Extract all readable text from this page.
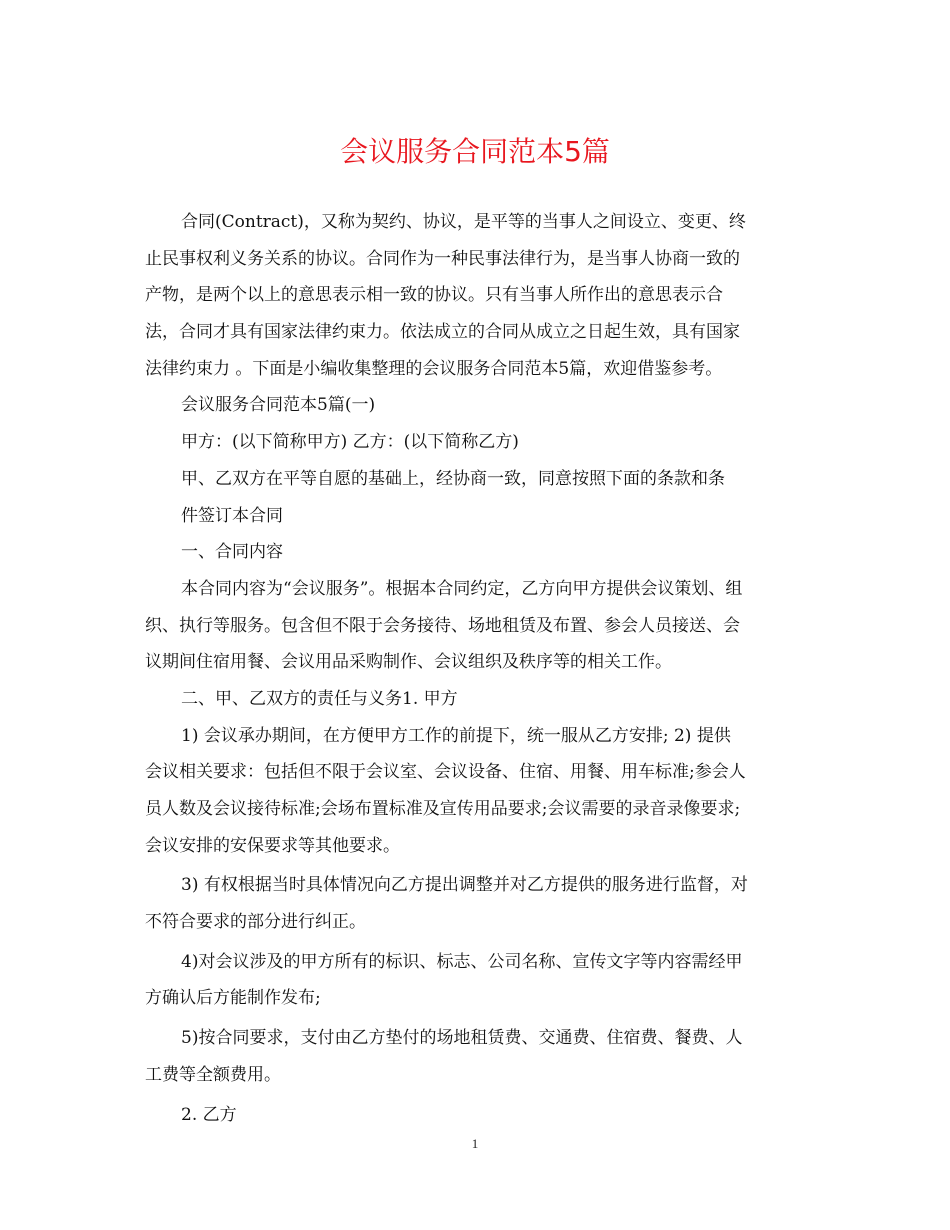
会议服务合同范本5篇
合同(Contract)，又称为契约、协议，是平等的当事人之间设立、变更、终
止民事权利义务关系的协议。合同作为一种民事法律行为，是当事人协商一致的
产物，是两个以上的意思表示相一致的协议。只有当事人所作出的意思表示合
法，合同才具有国家法律约束力。依法成立的合同从成立之日起生效，具有国家
法律约束力 。下面是小编收集整理的会议服务合同范本5篇，欢迎借鉴参考。
会议服务合同范本5篇(一)
甲方：(以下简称甲方) 乙方：(以下简称乙方)
甲、乙双方在平等自愿的基础上，经协商一致，同意按照下面的条款和条
件签订本合同
一、合同内容
本合同内容为“会议服务”。根据本合同约定，乙方向甲方提供会议策划、组
织、执行等服务。包含但不限于会务接待、场地租赁及布置、参会人员接送、会
议期间住宿用餐、会议用品采购制作、会议组织及秩序等的相关工作。
二、甲、乙双方的责任与义务1. 甲方
1) 会议承办期间，在方便甲方工作的前提下，统一服从乙方安排; 2) 提供
会议相关要求：包括但不限于会议室、会议设备、住宿、用餐、用车标准;参会人
员人数及会议接待标准;会场布置标准及宣传用品要求;会议需要的录音录像要求;
会议安排的安保要求等其他要求。
3) 有权根据当时具体情况向乙方提出调整并对乙方提供的服务进行监督，对
不符合要求的部分进行纠正。
4)对会议涉及的甲方所有的标识、标志、公司名称、宣传文字等内容需经甲
方确认后方能制作发布;
5)按合同要求，支付由乙方垫付的场地租赁费、交通费、住宿费、餐费、人
工费等全额费用。
2. 乙方
1
